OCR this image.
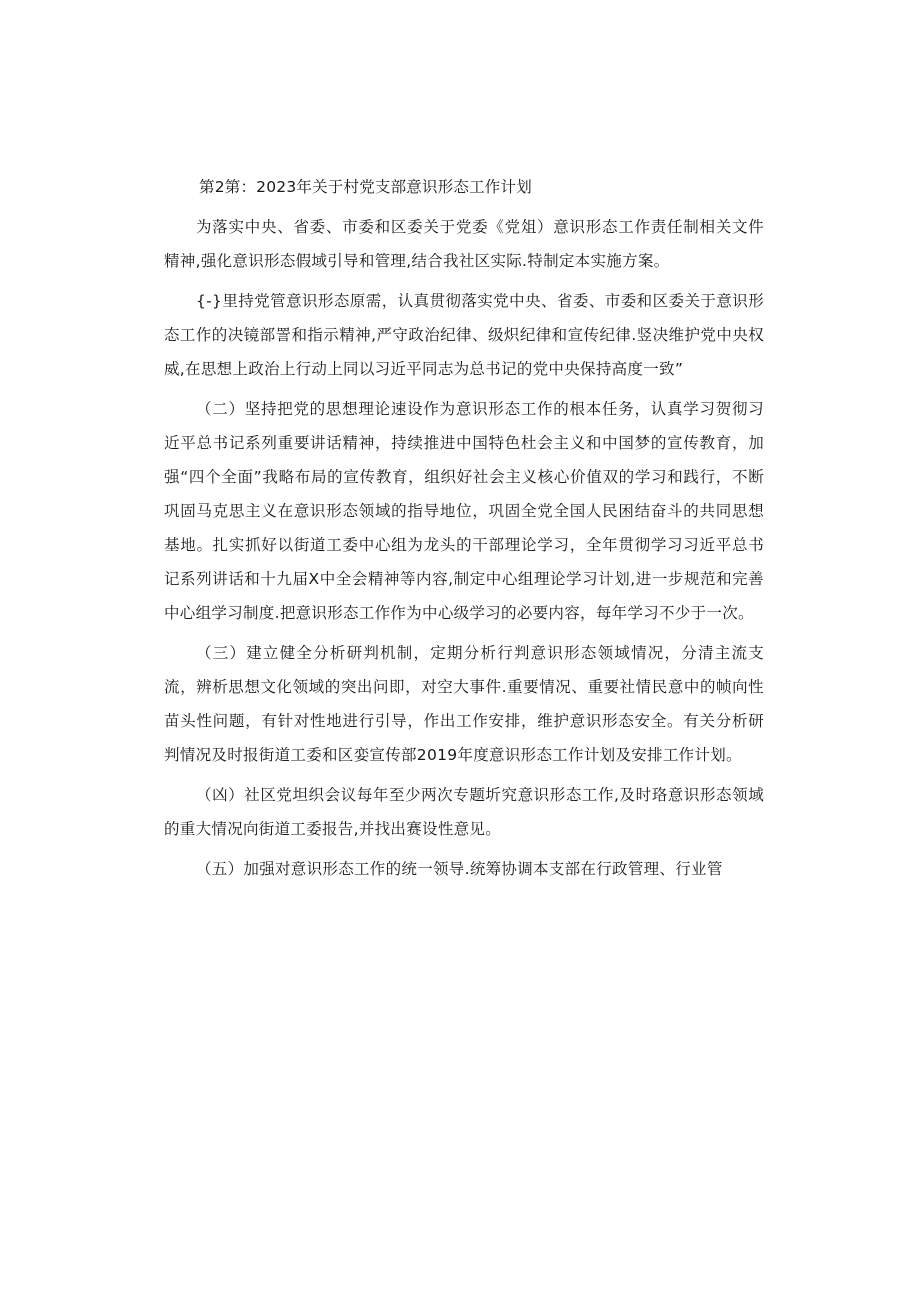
第2第：2023年关于村党支部意识形态工作计划

为落实中央、省委、市委和区委关于党委《党俎）意识形态工作责任制相关文件精神,强化意识形态假域引导和管理,结合我社区实际.特制定本实施方案。

{-}里持党管意识形态原需，认真贯彻落实党中央、省委、市委和区委关于意识形态工作的决镜部詈和指示精神,严守政治纪律、级炽纪律和宣传纪律.竖决维护党中央权威,在思想上政治上行动上同以习近平同志为总书记的党中央保持高度一致”

（二）坚持把党的思想理论速设作为意识形态工作的根本任务，认真学习贺彻习近平总书记系列重要讲话精神，持续推进中国特色杜会主义和中国梦的宣传教育，加强“四个全面”我略布局的宣传教育，组织好社会主义核心价值双的学习和践行，不断巩固马克思主义在意识形态领域的指导地位，巩固全党全国人民困结奋斗的共同思想基地。扎实抓好以街道工委中心组为龙头的干部理论学习，全年贯彻学习习近平总书记系列讲话和十九届X中全会精神等内容,制定中心组理论学习计划,进一步规范和完善中心组学习制度.把意识形态工作作为中心级学习的必要内容，每年学习不少于一次。

（三）建立健全分析研判机制，定期分析行判意识形态领域情况，分清主流支流，辨析思想文化领域的突出问即，对空大事件.重要情况、重要社情民意中的帧向性苗头性问题，有针对性地进行引导，作出工作安排，维护意识形态安全。有关分析研判情况及时报街道工委和区娈宣传部2019年度意识形态工作计划及安排工作计划。

（凶）社区党坦织会议每年至少两次专题圻究意识形态工作,及时珞意识形态领域的重大情况向街道工委报告,并找出赛设性意见。

（五）加强对意识形态工作的统一领导.统筹协调本支部在行政管理、行业管
